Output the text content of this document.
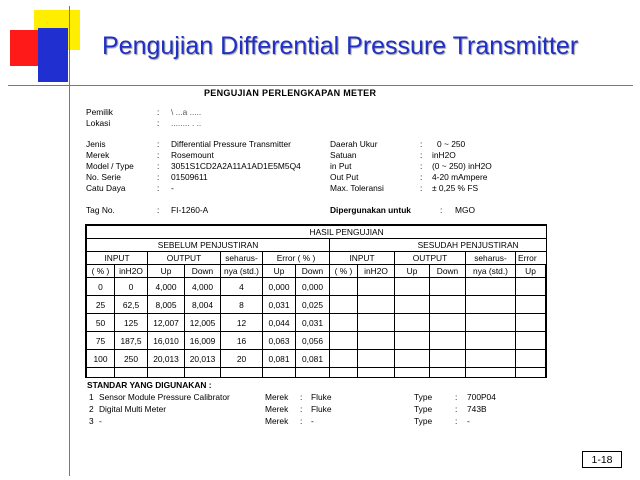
Pengujian Differential Pressure Transmitter
PENGUJIAN PERLENGKAPAN METER
Pemilik	: \ ...a .....
Lokasi	: ........ . ..
Jenis	: Differential Pressure Transmitter
Merek	: Rosemount
Model / Type	: 3051S1CD2A2A11A1AD1E5M5Q4
No. Serie	: 01509611
Catu Daya	: -
Daerah Ukur	: 0 ~ 250
Satuan	: inH2O
in Put	: (0 ~ 250) inH2O
Out Put	: 4-20 mAmpere
Max. Toleransi	: ± 0,25 % FS
Tag No.	: FI-1260-A	Dipergunakan untuk	: MGO
HASIL PENGUJIAN													
SEBELUM PENJUSTIRAN							SESUDAH PENJUSTIRAN						
INPUT		OUTPUT		seharus-	Error ( % )		INPUT		OUTPUT		seharus-	Error	
( % )	inH2O	Up	Down	nya (std.)	Up	Down	( % )	inH2O	Up	Down	nya (std.)	Up	
0	0	4,000	4,000	4	0,000	0,000							
25	62,5	8,005	8,004	8	0,031	0,025							
50	125	12,007	12,005	12	0,044	0,031							
75	187,5	16,010	16,009	16	0,063	0,056							
100	250	20,013	20,013	20	0,081	0,081							

STANDAR YANG DIGUNAKAN :
1 Sensor Module Pressure Calibrator	Merek : Fluke	Type	: 700P04
2 Digital Multi Meter	Merek : Fluke	Type	: 743B
3 -	Merek : -	Type	: -
1-18
